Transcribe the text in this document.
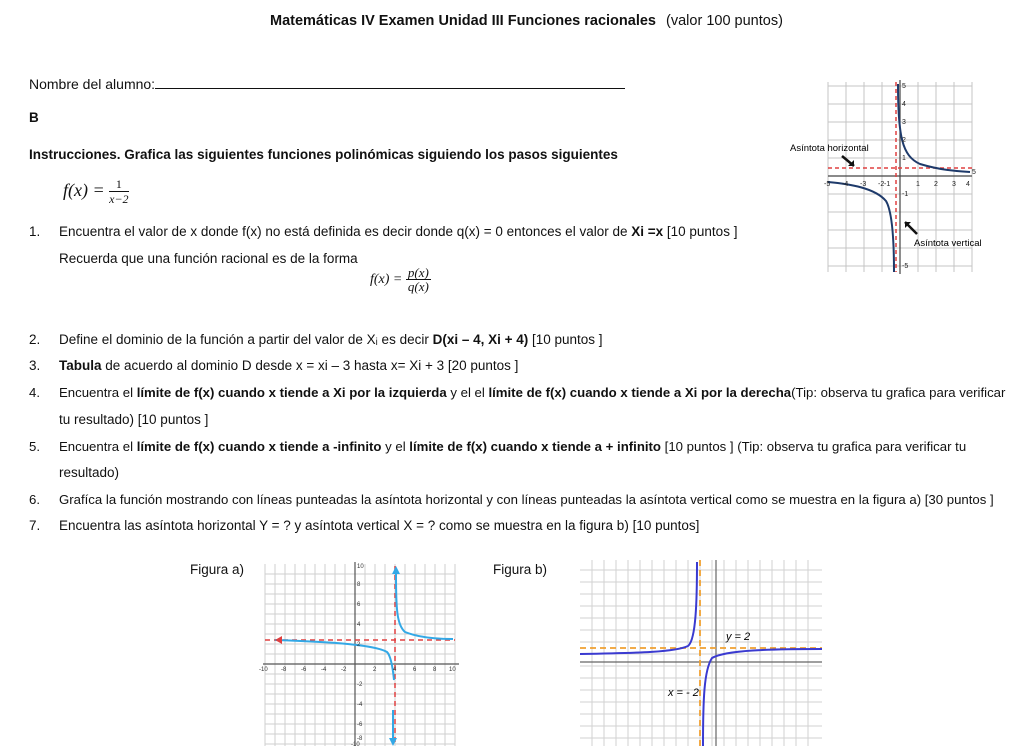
Matemáticas IV Examen Unidad III Funciones racionales (valor 100 puntos)
Nombre del alumno:
B
Instrucciones. Grafica las siguientes funciones polinómicas siguiendo los pasos siguientes
$f(x) = \frac{1}{x-2}$
1. Encuentra el valor de x donde f(x) no está definida es decir donde q(x) = 0 entonces el valor de Xi =x [10 puntos ]
Recuerda que una función racional es de la forma
$f(x) = \frac{p(x)}{q(x)}$
2. Define el dominio de la función a partir del valor de Xᵢ es decir D(xi – 4, Xi + 4) [10 puntos ]
3. Tabula de acuerdo al dominio D desde x = xi – 3 hasta x= Xi + 3 [20 puntos ]
4. Encuentra el límite de f(x) cuando x tiende a Xi por la izquierda y el el límite de f(x) cuando x tiende a Xi por la derecha(Tip: observa tu grafica para verificar
tu resultado) [10 puntos ]
5. Encuentra el límite de f(x) cuando x tiende a -infinito y el límite de f(x) cuando x tiende a + infinito [10 puntos ] (Tip: observa tu grafica para verificar tu
resultado)
6. Grafíca la función mostrando con líneas punteadas la asíntota horizontal y con líneas punteadas la asíntota vertical como se muestra en la figura a) [30 puntos ]
7. Encuentra las asíntota horizontal Y = ? y asíntota vertical X = ? como se muestra en la figura b) [10 puntos]
Asíntota horizontal
Asíntota vertical
-5 -4 -3 -2 -1	1 2 3 4
5
5
4
3
2
1
-1
-5
Figura a)
-10 -8 -6 -4 -2	2	4	6	8 10
10
8
6
4
2
-2
-4
-6
-8
-10
Figura b)
y = 2
x = - 2
